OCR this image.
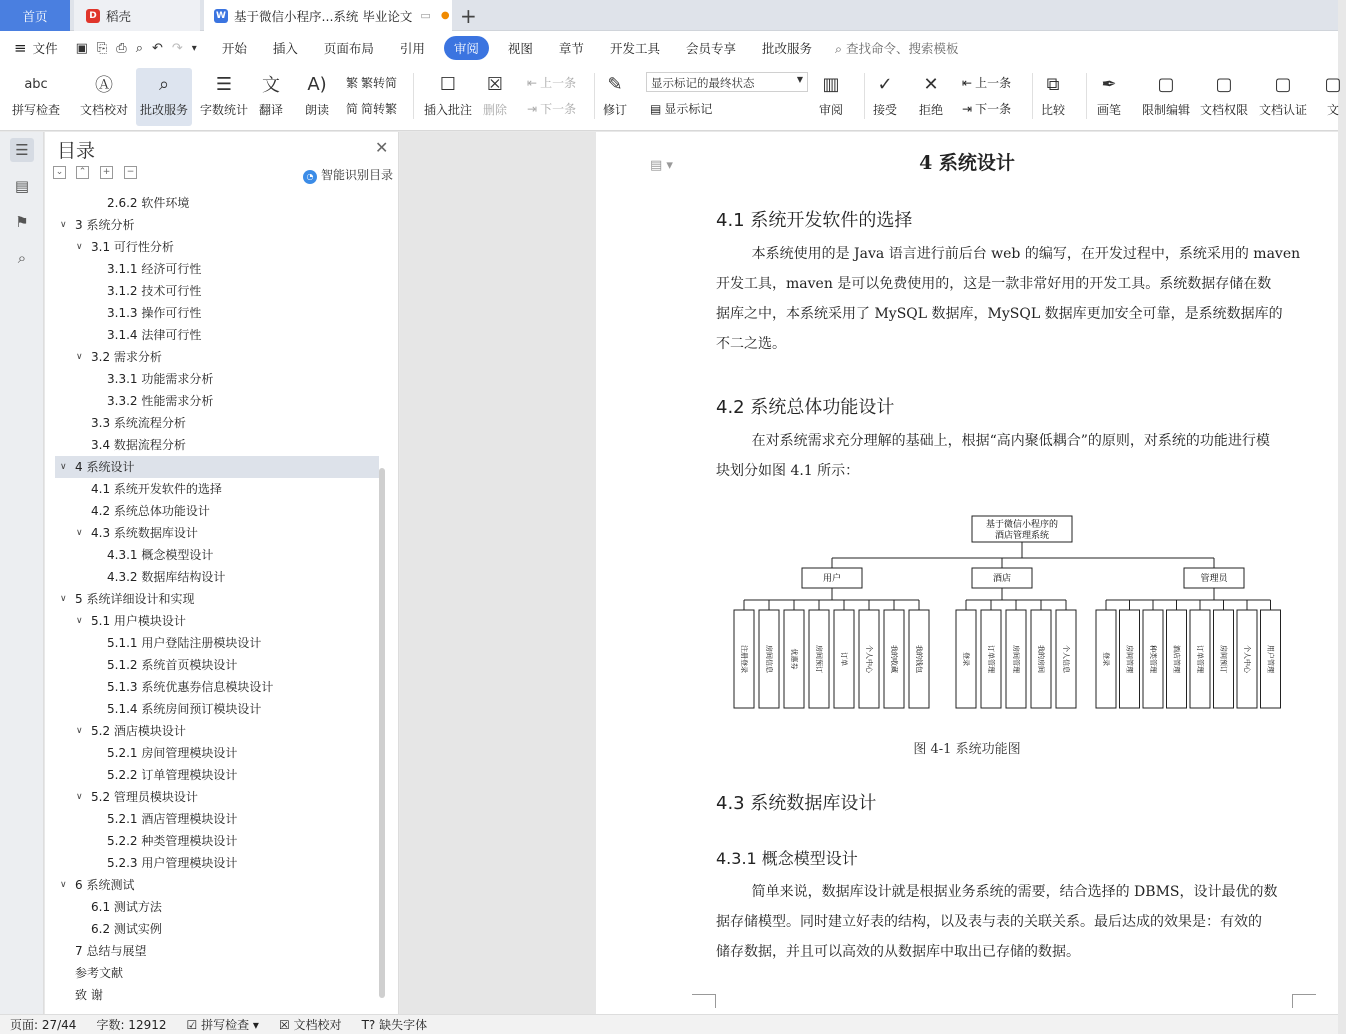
首页	D 稻壳	W 基于微信小程序...系统 毕业论文 ▭ ● +
≡ 文件 ▣ ⎘ ⎙ ⌕ ↶ ↷ ▾	开始	插入	页面布局	引用	审阅	视图	章节	开发工具	会员专享	批改服务	⌕ 查找命令、搜索模板
abc
拼写检查
Ⓐ
文档校对
⌕
批改服务
☰
字数统计
文
翻译
A)
朗读
繁 繁转简
简 简转繁
☐
插入批注
☒
删除
⇤ 上一条
⇥ 下一条
✎
修订
显示标记的最终状态	▼
▤ 显示标记
▥
审阅
✓
接受
✕
拒绝
⇤ 上一条
⇥ 下一条
⧉
比较
✒
画笔
▢
限制编辑
▢
文档权限
▢
文档认证
▢
文
☰
▤
⚑
⌕
目录	✕
⌄	⌃	+	−	◔ 智能识别目录
2.6.2 软件环境
∨ 3 系统分析
∨ 3.1 可行性分析
3.1.1 经济可行性
3.1.2 技术可行性
3.1.3 操作可行性
3.1.4 法律可行性
∨ 3.2 需求分析
3.3.1 功能需求分析
3.3.2 性能需求分析
3.3 系统流程分析
3.4 数据流程分析
∨ 4 系统设计
4.1 系统开发软件的选择
4.2 系统总体功能设计
∨ 4.3 系统数据库设计
4.3.1 概念模型设计
4.3.2 数据库结构设计
∨ 5 系统详细设计和实现
∨ 5.1 用户模块设计
5.1.1 用户登陆注册模块设计
5.1.2 系统首页模块设计
5.1.3 系统优惠券信息模块设计
5.1.4 系统房间预订模块设计
∨ 5.2 酒店模块设计
5.2.1 房间管理模块设计
5.2.2 订单管理模块设计
∨ 5.2 管理员模块设计
5.2.1 酒店管理模块设计
5.2.2 种类管理模块设计
5.2.3 用户管理模块设计
∨ 6 系统测试
6.1 测试方法
6.2 测试实例
7 总结与展望
参考文献
致 谢
▤ ▾	4 系统设计
4.1 系统开发软件的选择
本系统使用的是 Java 语言进行前后台 web 的编写，在开发过程中，系统采用的 maven
开发工具，maven 是可以免费使用的，这是一款非常好用的开发工具。系统数据存储在数
据库之中，本系统采用了 MySQL 数据库，MySQL 数据库更加安全可靠，是系统数据库的
不二之选。
4.2 系统总体功能设计
在对系统需求充分理解的基础上，根据“高内聚低耦合”的原则，对系统的功能进行模
块划分如图 4.1 所示：
基于微信小程序的
酒店管理系统
用户
注册登录 房间信息 优惠券 房间预订 订单 个人中心 我的收藏 我的钱包
酒店
登录 订单管理 房间管理 我的房间 个人信息
管理员
登录 房间管理 种类管理 酒店管理 订单管理 房间预订 个人中心 用户管理
图 4-1 系统功能图
4.3 系统数据库设计
4.3.1 概念模型设计
简单来说，数据库设计就是根据业务系统的需要，结合选择的 DBMS，设计最优的数
据存储模型。同时建立好表的结构，以及表与表的关联关系。最后达成的效果是：有效的
储存数据，并且可以高效的从数据库中取出已存储的数据。
页面: 27/44	字数: 12912	☑ 拼写检查 ▾	☒ 文档校对	T? 缺失字体
